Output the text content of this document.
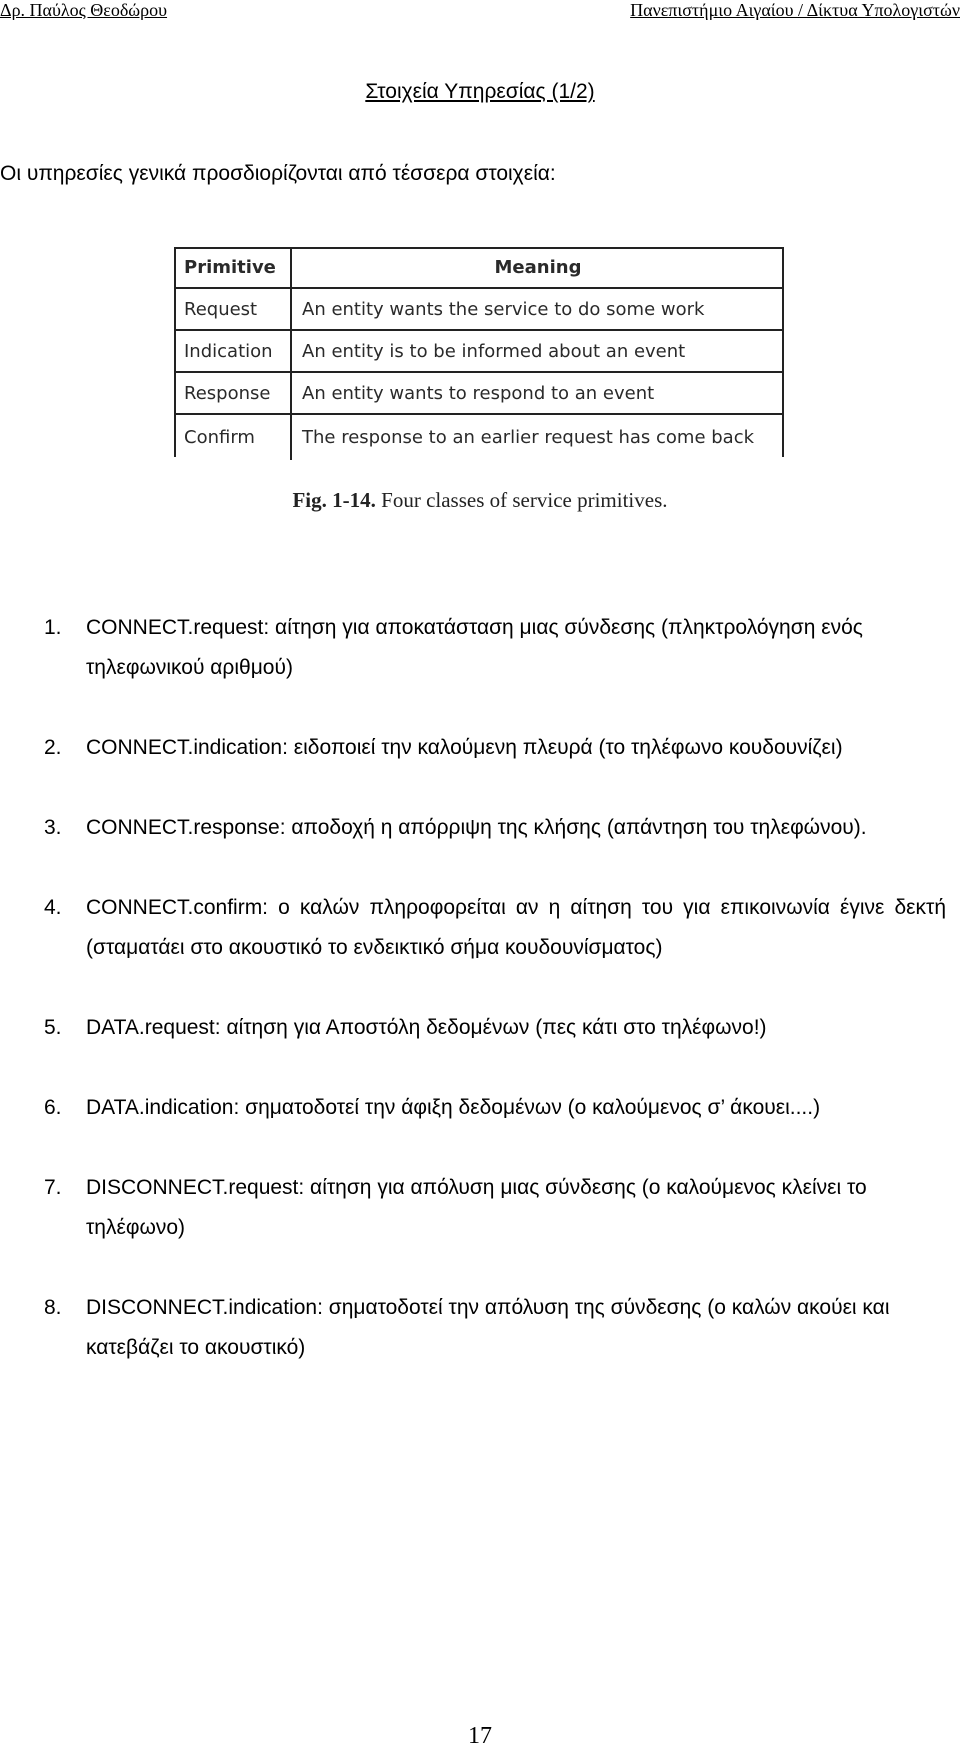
Δρ. Παύλος Θεοδώρου	Πανεπιστήμιο Αιγαίου / Δίκτυα Υπολογιστών
Στοιχεία Υπηρεσίας (1/2)
Οι υπηρεσίες γενικά προσδιορίζονται από τέσσερα στοιχεία:
Primitive	Meaning
Request	An entity wants the service to do some work
Indication	An entity is to be informed about an event
Response	An entity wants to respond to an event
Confirm	The response to an earlier request has come back
Fig. 1-14. Four classes of service primitives.
1. CONNECT.request: αίτηση για αποκατάσταση μιας σύνδεσης (πληκτρολόγηση ενός τηλεφωνικού αριθμού)
2. CONNECT.indication: ειδοποιεί την καλούμενη πλευρά (το τηλέφωνο κουδουνίζει)
3. CONNECT.response: αποδοχή η απόρριψη της κλήσης (απάντηση του τηλεφώνου).
4. CONNECT.confirm: ο καλών πληροφορείται αν η αίτηση του για επικοινωνία έγινε δεκτή (σταματάει στο ακουστικό το ενδεικτικό σήμα κουδουνίσματος)
5. DATA.request: αίτηση για Αποστόλη δεδομένων (πες κάτι στο τηλέφωνο!)
6. DATA.indication: σηματοδοτεί την άφιξη δεδομένων (ο καλούμενος σ’ άκουει....)
7. DISCONNECT.request: αίτηση για απόλυση μιας σύνδεσης (ο καλούμενος κλείνει το τηλέφωνο)
8. DISCONNECT.indication: σηματοδοτεί την απόλυση της σύνδεσης (ο καλών ακούει και κατεβάζει το ακουστικό)
17
